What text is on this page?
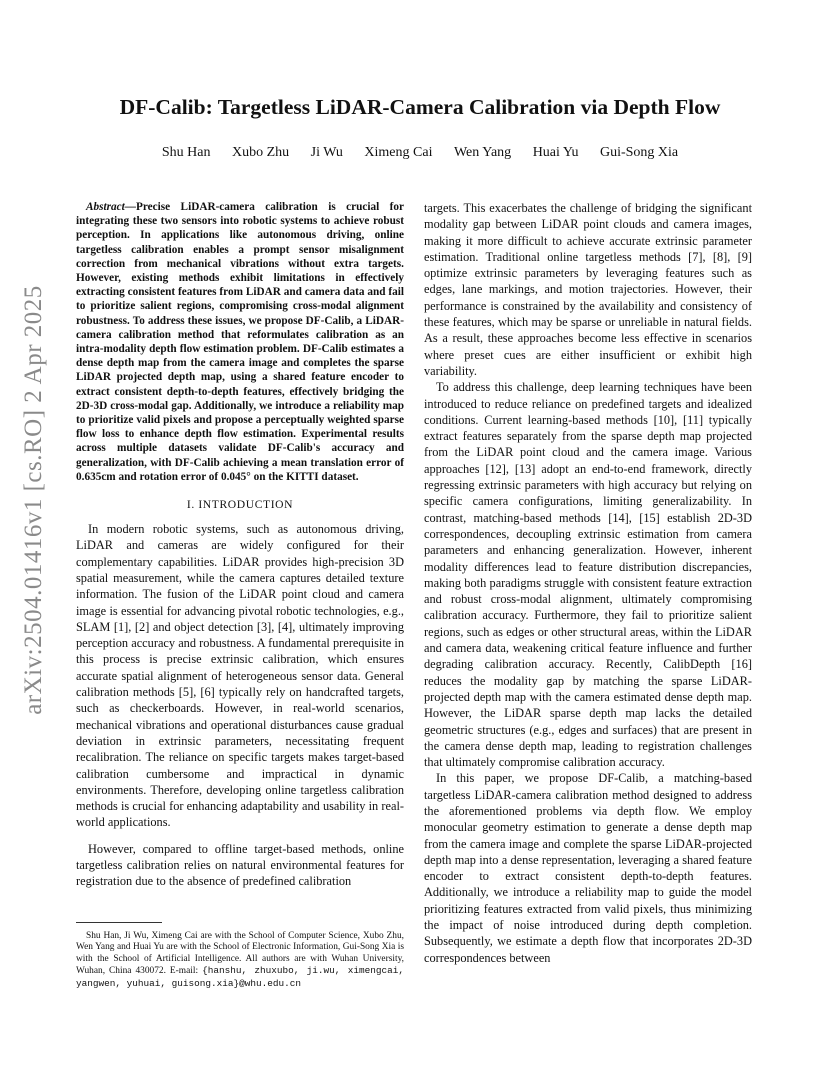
arXiv:2504.01416v1 [cs.RO] 2 Apr 2025
DF-Calib: Targetless LiDAR-Camera Calibration via Depth Flow
Shu Han Xubo Zhu Ji Wu Ximeng Cai Wen Yang Huai Yu Gui-Song Xia

Abstract—Precise LiDAR-camera calibration is crucial for integrating these two sensors into robotic systems to achieve robust perception. In applications like autonomous driving, online targetless calibration enables a prompt sensor misalignment correction from mechanical vibrations without extra targets. However, existing methods exhibit limitations in effectively extracting consistent features from LiDAR and camera data and fail to prioritize salient regions, compromising cross-modal alignment robustness. To address these issues, we propose DF-Calib, a LiDAR-camera calibration method that reformulates calibration as an intra-modality depth flow estimation problem. DF-Calib estimates a dense depth map from the camera image and completes the sparse LiDAR projected depth map, using a shared feature encoder to extract consistent depth-to-depth features, effectively bridging the 2D-3D cross-modal gap. Additionally, we introduce a reliability map to prioritize valid pixels and propose a perceptually weighted sparse flow loss to enhance depth flow estimation. Experimental results across multiple datasets validate DF-Calib's accuracy and generalization, with DF-Calib achieving a mean translation error of 0.635cm and rotation error of 0.045° on the KITTI dataset.

I. INTRODUCTION

In modern robotic systems, such as autonomous driving, LiDAR and cameras are widely configured for their complementary capabilities. LiDAR provides high-precision 3D spatial measurement, while the camera captures detailed texture information. The fusion of the LiDAR point cloud and camera image is essential for advancing pivotal robotic technologies, e.g., SLAM [1], [2] and object detection [3], [4], ultimately improving perception accuracy and robustness. A fundamental prerequisite in this process is precise extrinsic calibration, which ensures accurate spatial alignment of heterogeneous sensor data. General calibration methods [5], [6] typically rely on handcrafted targets, such as checkerboards. However, in real-world scenarios, mechanical vibrations and operational disturbances cause gradual deviation in extrinsic parameters, necessitating frequent recalibration. The reliance on specific targets makes target-based calibration cumbersome and impractical in dynamic environments. Therefore, developing online targetless calibration methods is crucial for enhancing adaptability and usability in real-world applications.

However, compared to offline target-based methods, online targetless calibration relies on natural environmental features for registration due to the absence of predefined calibration

Shu Han, Ji Wu, Ximeng Cai are with the School of Computer Science, Xubo Zhu, Wen Yang and Huai Yu are with the School of Electronic Information, Gui-Song Xia is with the School of Artificial Intelligence. All authors are with Wuhan University, Wuhan, China 430072. E-mail: {hanshu, zhuxubo, ji.wu, ximengcai, yangwen, yuhuai, guisong.xia}@whu.edu.cn

targets. This exacerbates the challenge of bridging the significant modality gap between LiDAR point clouds and camera images, making it more difficult to achieve accurate extrinsic parameter estimation. Traditional online targetless methods [7], [8], [9] optimize extrinsic parameters by leveraging features such as edges, lane markings, and motion trajectories. However, their performance is constrained by the availability and consistency of these features, which may be sparse or unreliable in natural fields. As a result, these approaches become less effective in scenarios where preset cues are either insufficient or exhibit high variability.

To address this challenge, deep learning techniques have been introduced to reduce reliance on predefined targets and idealized conditions. Current learning-based methods [10], [11] typically extract features separately from the sparse depth map projected from the LiDAR point cloud and the camera image. Various approaches [12], [13] adopt an end-to-end framework, directly regressing extrinsic parameters with high accuracy but relying on specific camera configurations, limiting generalizability. In contrast, matching-based methods [14], [15] establish 2D-3D correspondences, decoupling extrinsic estimation from camera parameters and enhancing generalization. However, inherent modality differences lead to feature distribution discrepancies, making both paradigms struggle with consistent feature extraction and robust cross-modal alignment, ultimately compromising calibration accuracy. Furthermore, they fail to prioritize salient regions, such as edges or other structural areas, within the LiDAR and camera data, weakening critical feature influence and further degrading calibration accuracy. Recently, CalibDepth [16] reduces the modality gap by matching the sparse LiDAR-projected depth map with the camera estimated dense depth map. However, the LiDAR sparse depth map lacks the detailed geometric structures (e.g., edges and surfaces) that are present in the camera dense depth map, leading to registration challenges that ultimately compromise calibration accuracy.

In this paper, we propose DF-Calib, a matching-based targetless LiDAR-camera calibration method designed to address the aforementioned problems via depth flow. We employ monocular geometry estimation to generate a dense depth map from the camera image and complete the sparse LiDAR-projected depth map into a dense representation, leveraging a shared feature encoder to extract consistent depth-to-depth features. Additionally, we introduce a reliability map to guide the model prioritizing features extracted from valid pixels, thus minimizing the impact of noise introduced during depth completion. Subsequently, we estimate a depth flow that incorporates 2D-3D correspondences between
